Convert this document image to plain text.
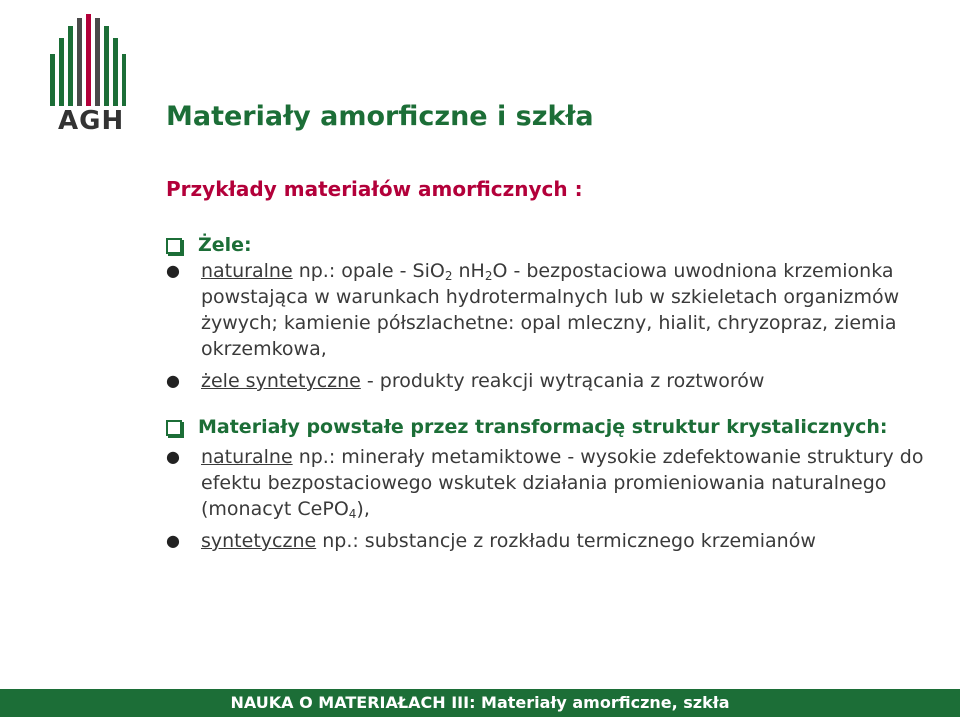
AGH Materiały amorficzne i szkła
Przykłady materiałów amorficznych :
Żele:
●	naturalne np.: opale - SiO$_2$ $nH_2O$ - bezpostaciowa uwodniona krzemionka powstająca w warunkach hydrotermalnych lub w szkieletach organizmów żywych; kamienie półszlachetne: opal mleczny, hialit, chryzopraz, ziemia okrzemkowa,
●	żele syntetyczne - produkty reakcji wytrącania z roztworów
Materiały powstałe przez transformację struktur krystalicznych:
●	naturalne np.: minerały metamiktowe - wysokie zdefektowanie struktury do efektu bezpostaciowego wskutek działania promieniowania naturalnego (monacyt CePO$_4$),
●	syntetyczne np.: substancje z rozkładu termicznego krzemianów
NAUKA O MATERIAŁACH III: Materiały amorficzne, szkła
